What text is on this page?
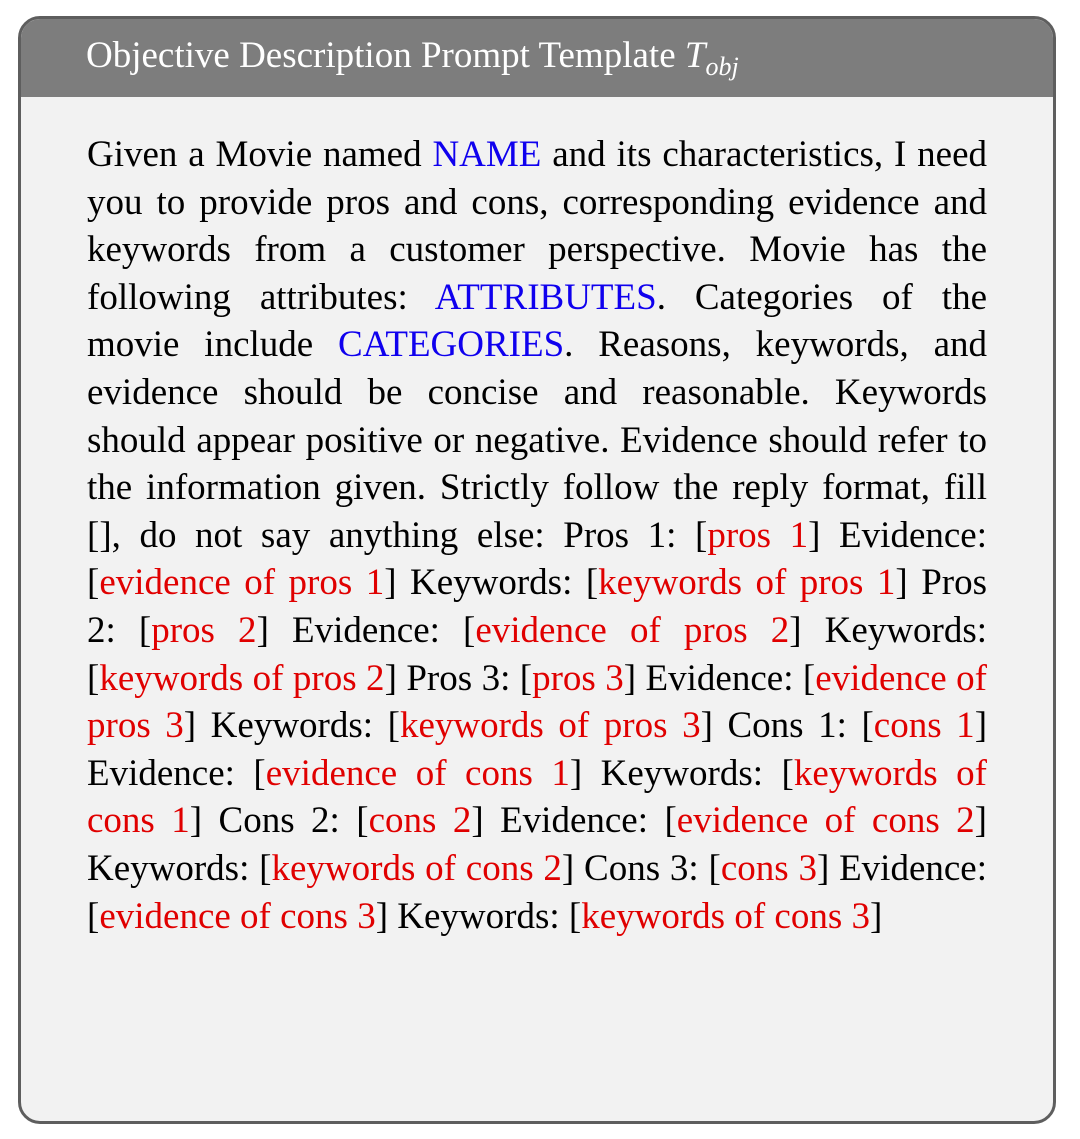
Objective Description Prompt Template $T_{obj}$
Given a Movie named NAME and its characteristics, I need you to provide pros and cons, corresponding evidence and keywords from a customer perspective. Movie has the following attributes: ATTRIBUTES. Categories of the movie include CATEGORIES. Reasons, keywords, and evidence should be concise and reasonable. Keywords should appear positive or negative. Evidence should refer to the information given. Strictly follow the reply format, fill [], do not say anything else: Pros 1: [pros 1] Evidence: [evidence of pros 1] Keywords: [keywords of pros 1] Pros 2: [pros 2] Evidence: [evidence of pros 2] Keywords: [keywords of pros 2] Pros 3: [pros 3] Evidence: [evidence of pros 3] Keywords: [keywords of pros 3] Cons 1: [cons 1] Evidence: [evidence of cons 1] Keywords: [keywords of cons 1] Cons 2: [cons 2] Evidence: [evidence of cons 2] Keywords: [keywords of cons 2] Cons 3: [cons 3] Evidence: [evidence of cons 3] Keywords: [keywords of cons 3]
